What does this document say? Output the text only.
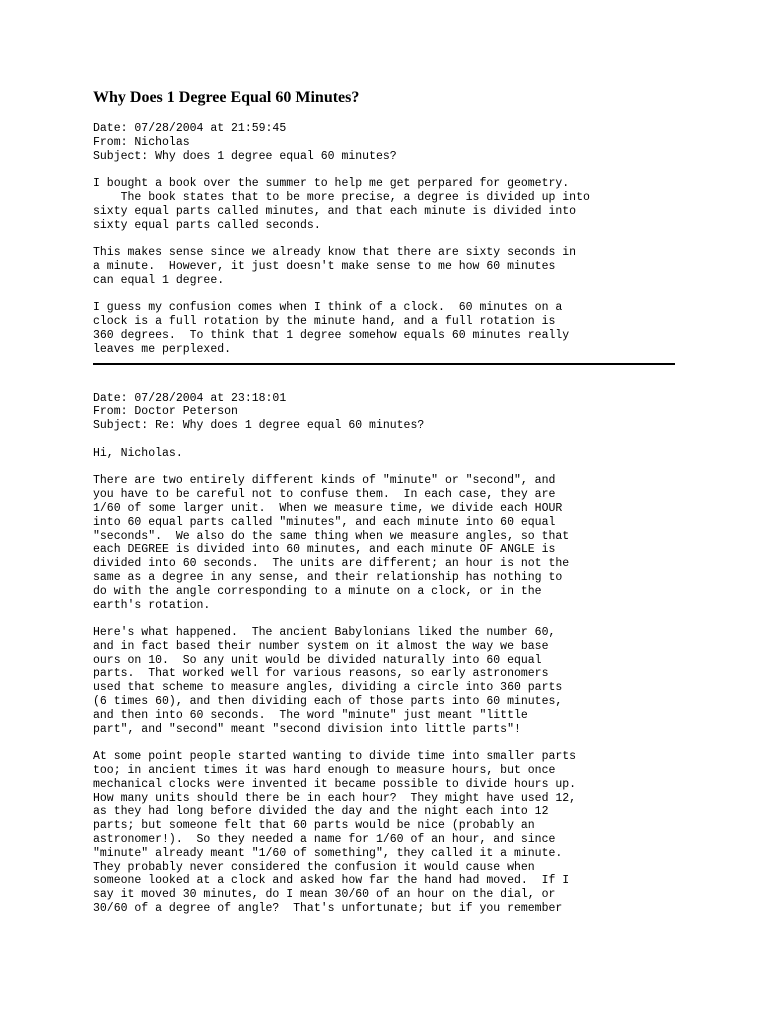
Why Does 1 Degree Equal 60 Minutes?
Date: 07/28/2004 at 21:59:45
From: Nicholas
Subject: Why does 1 degree equal 60 minutes?
I bought a book over the summer to help me get perpared for geometry.
The book states that to be more precise, a degree is divided up into
sixty equal parts called minutes, and that each minute is divided into
sixty equal parts called seconds.
This makes sense since we already know that there are sixty seconds in
a minute.  However, it just doesn't make sense to me how 60 minutes
can equal 1 degree.
I guess my confusion comes when I think of a clock.  60 minutes on a
clock is a full rotation by the minute hand, and a full rotation is
360 degrees.  To think that 1 degree somehow equals 60 minutes really
leaves me perplexed.
Date: 07/28/2004 at 23:18:01
From: Doctor Peterson
Subject: Re: Why does 1 degree equal 60 minutes?
Hi, Nicholas.
There are two entirely different kinds of "minute" or "second", and
you have to be careful not to confuse them.  In each case, they are
1/60 of some larger unit.  When we measure time, we divide each HOUR
into 60 equal parts called "minutes", and each minute into 60 equal
"seconds".  We also do the same thing when we measure angles, so that
each DEGREE is divided into 60 minutes, and each minute OF ANGLE is
divided into 60 seconds.  The units are different; an hour is not the
same as a degree in any sense, and their relationship has nothing to
do with the angle corresponding to a minute on a clock, or in the
earth's rotation.
Here's what happened.  The ancient Babylonians liked the number 60,
and in fact based their number system on it almost the way we base
ours on 10.  So any unit would be divided naturally into 60 equal
parts.  That worked well for various reasons, so early astronomers
used that scheme to measure angles, dividing a circle into 360 parts
(6 times 60), and then dividing each of those parts into 60 minutes,
and then into 60 seconds.  The word "minute" just meant "little
part", and "second" meant "second division into little parts"!
At some point people started wanting to divide time into smaller parts
too; in ancient times it was hard enough to measure hours, but once
mechanical clocks were invented it became possible to divide hours up.
How many units should there be in each hour?  They might have used 12,
as they had long before divided the day and the night each into 12
parts; but someone felt that 60 parts would be nice (probably an
astronomer!).  So they needed a name for 1/60 of an hour, and since
"minute" already meant "1/60 of something", they called it a minute.
They probably never considered the confusion it would cause when
someone looked at a clock and asked how far the hand had moved.  If I
say it moved 30 minutes, do I mean 30/60 of an hour on the dial, or
30/60 of a degree of angle?  That's unfortunate; but if you remember
